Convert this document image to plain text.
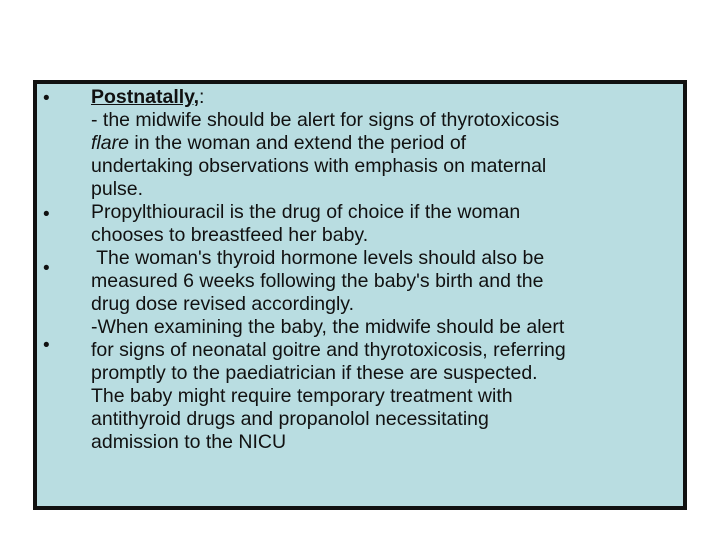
•
•
•
•
Postnatally,:
- the midwife should be alert for signs of thyrotoxicosis
flare in the woman and extend the period of
undertaking observations with emphasis on maternal
pulse.
Propylthiouracil is the drug of choice if the woman
chooses to breastfeed her baby.
The woman's thyroid hormone levels should also be
measured 6 weeks following the baby's birth and the
drug dose revised accordingly.
-When examining the baby, the midwife should be alert
for signs of neonatal goitre and thyrotoxicosis, referring
promptly to the paediatrician if these are suspected.
The baby might require temporary treatment with
antithyroid drugs and propanolol necessitating
admission to the NICU
